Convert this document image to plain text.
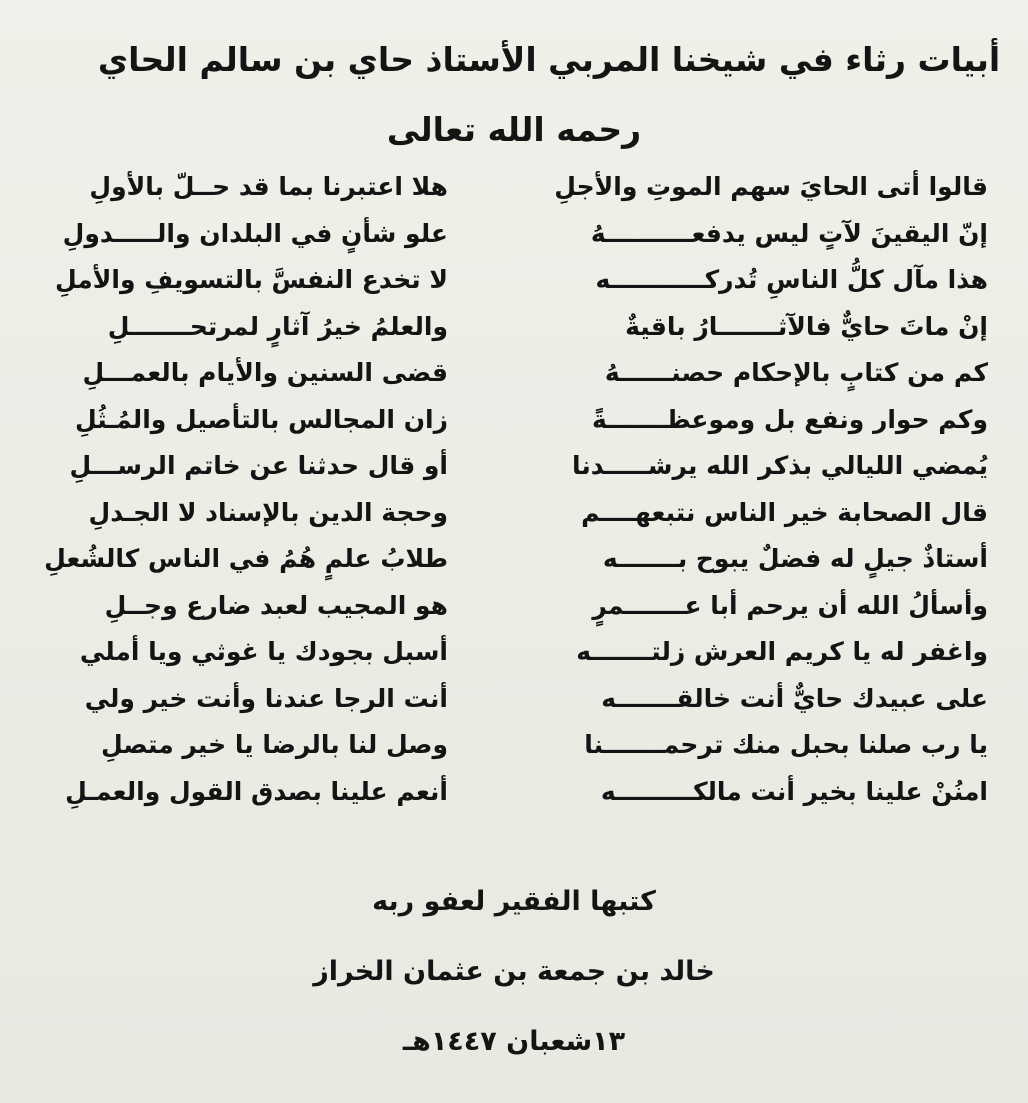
أبيات رثاء في شيخنا المربي الأستاذ حاي بن سالم الحاي
رحمه الله تعالى
قالوا أتى الحايَ سهم الموتِ والأجلِ
إنّ اليقينَ لآتٍ ليس يدفعــــــــــهُ
هذا مآل كلُّ الناسِ تُدركـــــــــــه
إنْ ماتَ حايٌّ فالآثـــــــارُ باقيةٌ
كم من كتابٍ بالإحكام حصنــــــهُ
وكم حوار ونفع بل وموعظـــــــةً
يُمضي الليالي بذكر الله يرشـــــدنا
قال الصحابة خير الناس نتبعهــــم
أستاذٌ جيلٍ له فضلٌ يبوح بـــــــه
وأسألُ الله أن يرحم أبا عـــــــمرٍ
واغفر له يا كريم العرش زلتـــــــه
على عبيدك حايٌّ أنت خالقـــــــه
يا رب صلنا بحبل منك ترحمـــــــنا
امنُنْ علينا بخير أنت مالكـــــــــه
هلا اعتبرنا بما قد حــلّ بالأولِ
علو شأنٍ في البلدان والـــــدولِ
لا تخدع النفسَّ بالتسويفِ والأملِ
والعلمُ خيرُ آثارٍ لمرتحـــــــلِ
قضى السنين والأيام بالعمـــلِ
زان المجالس بالتأصيل والمُـثُلِ
أو قال حدثنا عن خاتم الرســـلِ
وحجة الدين بالإسناد لا الجـدلِ
طلابُ علمٍ هُمُ في الناس كالشُعلِ
هو المجيب لعبد ضارع وجــلِ
أسبل بجودك يا غوثي ويا أملي
أنت الرجا عندنا وأنت خير ولي
وصل لنا بالرضا يا خير متصلِ
أنعم علينا بصدق القول والعمـلِ
كتبها الفقير لعفو ربه
خالد بن جمعة بن عثمان الخراز
١٣شعبان ١٤٤٧هـ
